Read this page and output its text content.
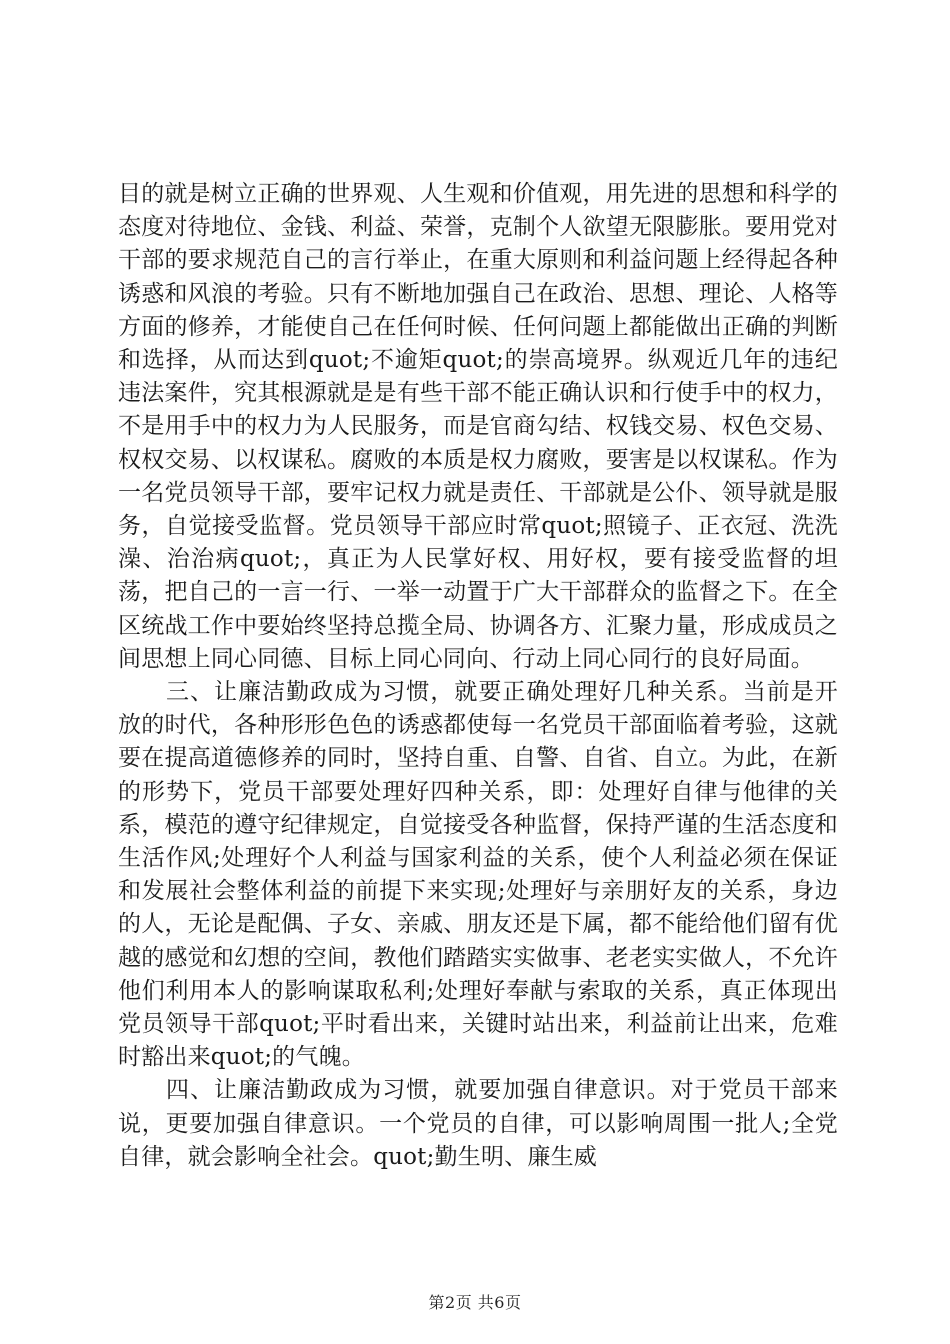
目的就是树立正确的世界观、人生观和价值观，用先进的思想和科学的态度对待地位、金钱、利益、荣誉，克制个人欲望无限膨胀。要用党对干部的要求规范自己的言行举止，在重大原则和利益问题上经得起各种诱惑和风浪的考验。只有不断地加强自己在政治、思想、理论、人格等方面的修养，才能使自己在任何时候、任何问题上都能做出正确的判断和选择，从而达到quot;不逾矩quot;的崇高境界。纵观近几年的违纪违法案件，究其根源就是是有些干部不能正确认识和行使手中的权力，不是用手中的权力为人民服务，而是官商勾结、权钱交易、权色交易、权权交易、以权谋私。腐败的本质是权力腐败，要害是以权谋私。作为一名党员领导干部，要牢记权力就是责任、干部就是公仆、领导就是服务，自觉接受监督。党员领导干部应时常quot;照镜子、正衣冠、洗洗澡、治治病quot;，真正为人民掌好权、用好权，要有接受监督的坦荡，把自己的一言一行、一举一动置于广大干部群众的监督之下。在全区统战工作中要始终坚持总揽全局、协调各方、汇聚力量，形成成员之间思想上同心同德、目标上同心同向、行动上同心同行的良好局面。

三、让廉洁勤政成为习惯，就要正确处理好几种关系。当前是开放的时代，各种形形色色的诱惑都使每一名党员干部面临着考验，这就要在提高道德修养的同时，坚持自重、自警、自省、自立。为此，在新的形势下，党员干部要处理好四种关系，即：处理好自律与他律的关系，模范的遵守纪律规定，自觉接受各种监督，保持严谨的生活态度和生活作风;处理好个人利益与国家利益的关系，使个人利益必须在保证和发展社会整体利益的前提下来实现;处理好与亲朋好友的关系，身边的人，无论是配偶、子女、亲戚、朋友还是下属，都不能给他们留有优越的感觉和幻想的空间，教他们踏踏实实做事、老老实实做人，不允许他们利用本人的影响谋取私利;处理好奉献与索取的关系，真正体现出党员领导干部quot;平时看出来，关键时站出来，利益前让出来，危难时豁出来quot;的气魄。

四、让廉洁勤政成为习惯，就要加强自律意识。对于党员干部来说，更要加强自律意识。一个党员的自律，可以影响周围一批人;全党自律，就会影响全社会。quot;勤生明、廉生威

第2页 共6页
